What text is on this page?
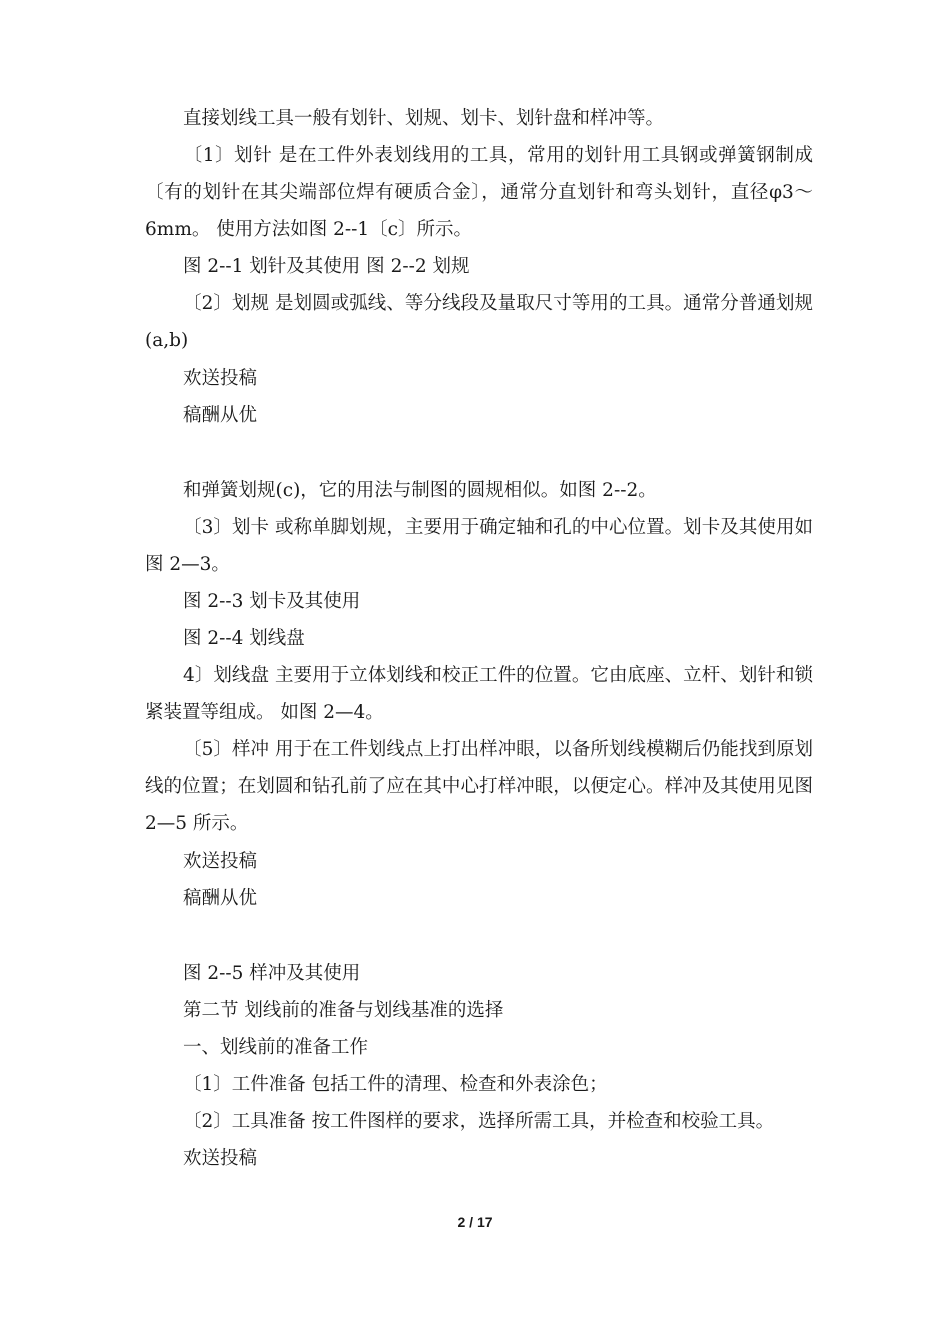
直接划线工具一般有划针、划规、划卡、划针盘和样冲等。
〔1〕划针 是在工件外表划线用的工具，常用的划针用工具钢或弹簧钢制成〔有的划针在其尖端部位焊有硬质合金〕，通常分直划针和弯头划针，直径φ3～6mm。 使用方法如图 2--1〔c〕所示。
图 2--1 划针及其使用 图 2--2 划规
〔2〕划规 是划圆或弧线、等分线段及量取尺寸等用的工具。通常分普通划规(a,b)
欢送投稿
稿酬从优
和弹簧划规(c)，它的用法与制图的圆规相似。如图 2--2。
〔3〕划卡 或称单脚划规，主要用于确定轴和孔的中心位置。划卡及其使用如图 2—3。
图 2--3 划卡及其使用
图 2--4 划线盘
4〕划线盘 主要用于立体划线和校正工件的位置。它由底座、立杆、划针和锁紧装置等组成。 如图 2—4。
〔5〕样冲 用于在工件划线点上打出样冲眼，以备所划线模糊后仍能找到原划线的位置；在划圆和钻孔前了应在其中心打样冲眼，以便定心。样冲及其使用见图 2—5 所示。
欢送投稿
稿酬从优
图 2--5 样冲及其使用
第二节 划线前的准备与划线基准的选择
一、划线前的准备工作
〔1〕工件准备 包括工件的清理、检查和外表涂色；
〔2〕工具准备 按工件图样的要求，选择所需工具，并检查和校验工具。
欢送投稿
2 / 17
